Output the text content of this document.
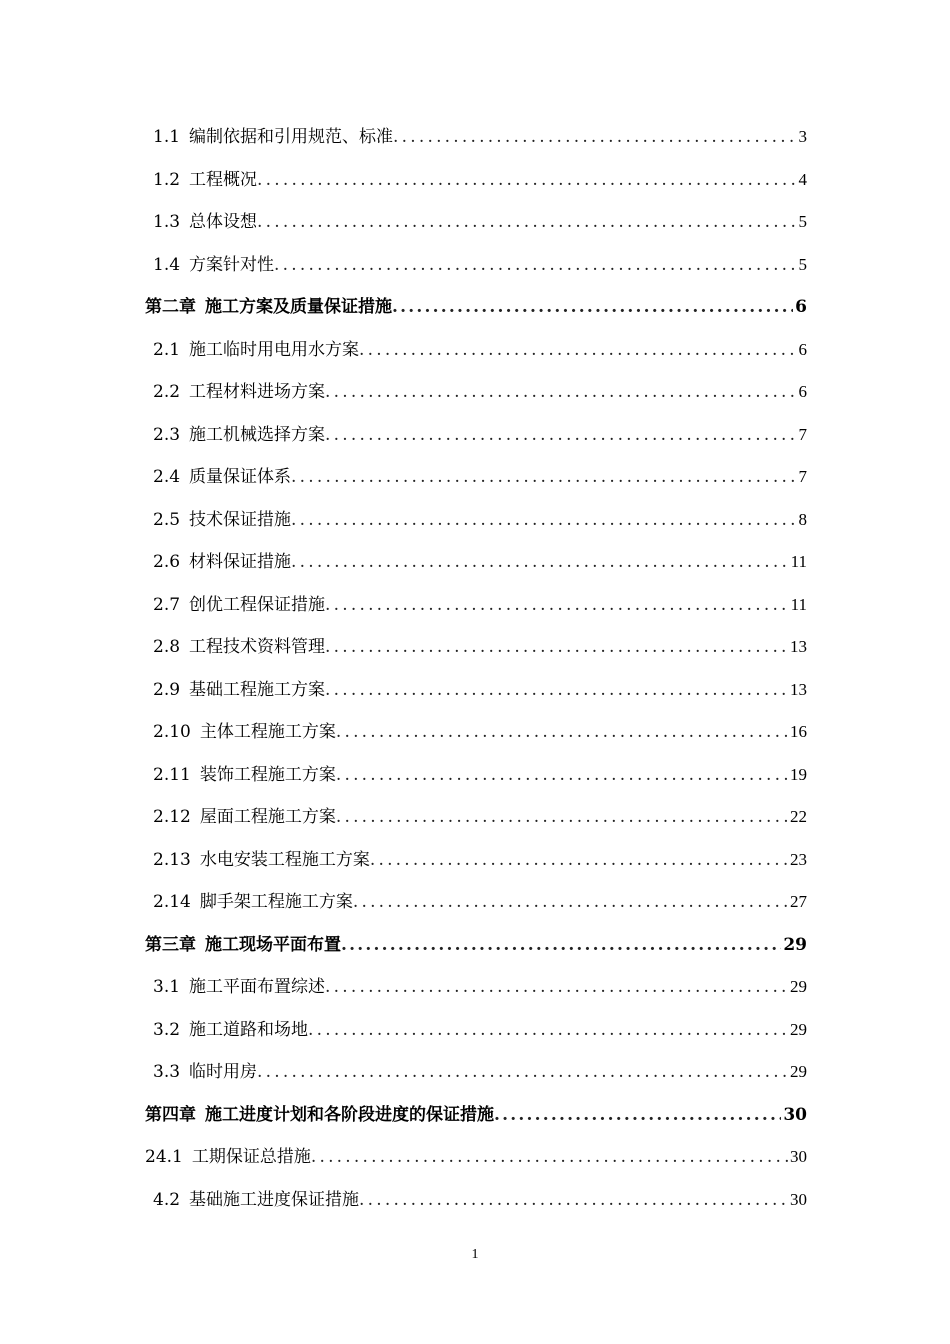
1.1 编制依据和引用规范、标准 .....	3
1.2 工程概况 .....	4
1.3 总体设想 .....	5
1.4 方案针对性 .....	5
第二章 施工方案及质量保证措施 .....	6
2.1 施工临时用电用水方案 .....	6
2.2 工程材料进场方案 .....	6
2.3 施工机械选择方案 .....	7
2.4 质量保证体系 .....	7
2.5 技术保证措施 .....	8
2.6 材料保证措施 .....	11
2.7 创优工程保证措施 .....	11
2.8 工程技术资料管理 .....	13
2.9 基础工程施工方案 .....	13
2.10 主体工程施工方案 .....	16
2.11 装饰工程施工方案 .....	19
2.12 屋面工程施工方案 .....	22
2.13 水电安装工程施工方案 .....	23
2.14 脚手架工程施工方案 .....	27
第三章 施工现场平面布置 .....	29
3.1 施工平面布置综述 .....	29
3.2 施工道路和场地 .....	29
3.3 临时用房 .....	29
第四章 施工进度计划和各阶段进度的保证措施 .....	30
24.1 工期保证总措施 .....	30
4.2 基础施工进度保证措施 .....	30
1
